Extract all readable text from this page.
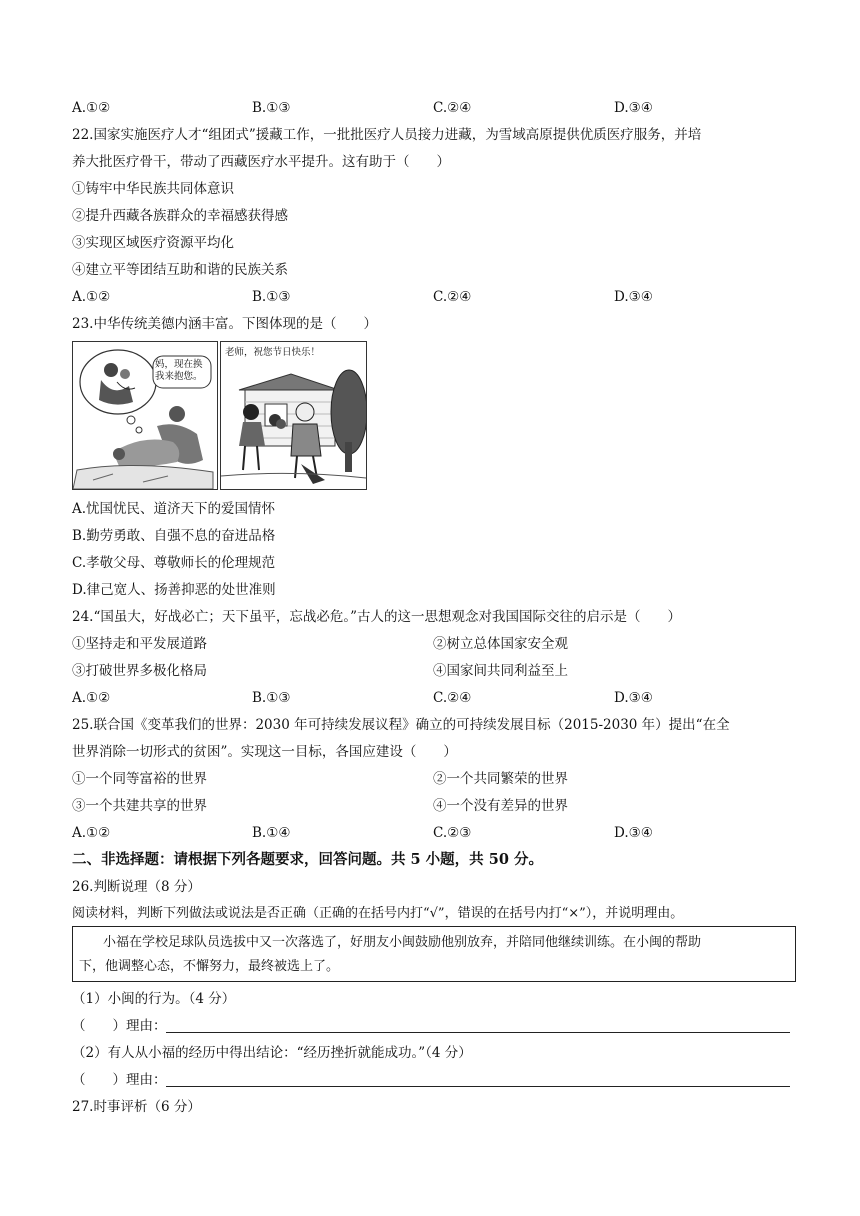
A.①②	B.①③	C.②④	D.③④
22.国家实施医疗人才“组团式”援藏工作，一批批医疗人员接力进藏，为雪域高原提供优质医疗服务，并培
养大批医疗骨干，带动了西藏医疗水平提升。这有助于（　　）
①铸牢中华民族共同体意识
②提升西藏各族群众的幸福感获得感
③实现区域医疗资源平均化
④建立平等团结互助和谐的民族关系
A.①②	B.①③	C.②④	D.③④
23.中华传统美德内涵丰富。下图体现的是（　　）
妈，现在换我来抱您。
老师，祝您节日快乐！
A.忧国忧民、道济天下的爱国情怀
B.勤劳勇敢、自强不息的奋进品格
C.孝敬父母、尊敬师长的伦理规范
D.律己宽人、扬善抑恶的处世准则
24.“国虽大，好战必亡；天下虽平，忘战必危。”古人的这一思想观念对我国国际交往的启示是（　　）
①坚持走和平发展道路	②树立总体国家安全观
③打破世界多极化格局	④国家间共同利益至上
A.①②	B.①③	C.②④	D.③④
25.联合国《变革我们的世界：2030 年可持续发展议程》确立的可持续发展目标（2015-2030 年）提出“在全
世界消除一切形式的贫困”。实现这一目标，各国应建设（　　）
①一个同等富裕的世界	②一个共同繁荣的世界
③一个共建共享的世界	④一个没有差异的世界
A.①②	B.①④	C.②③	D.③④
二、非选择题：请根据下列各题要求，回答问题。共 5 小题，共 50 分。
26.判断说理（8 分）
阅读材料，判断下列做法或说法是否正确（正确的在括号内打“√”，错误的在括号内打“×”），并说明理由。
小福在学校足球队员选拔中又一次落选了，好朋友小闽鼓励他别放弃，并陪同他继续训练。在小闽的帮助
下，他调整心态，不懈努力，最终被选上了。
（1）小闽的行为。（4 分）
（　　）理由：
（2）有人从小福的经历中得出结论：“经历挫折就能成功。”（4 分）
（　　）理由：
27.时事评析（6 分）
